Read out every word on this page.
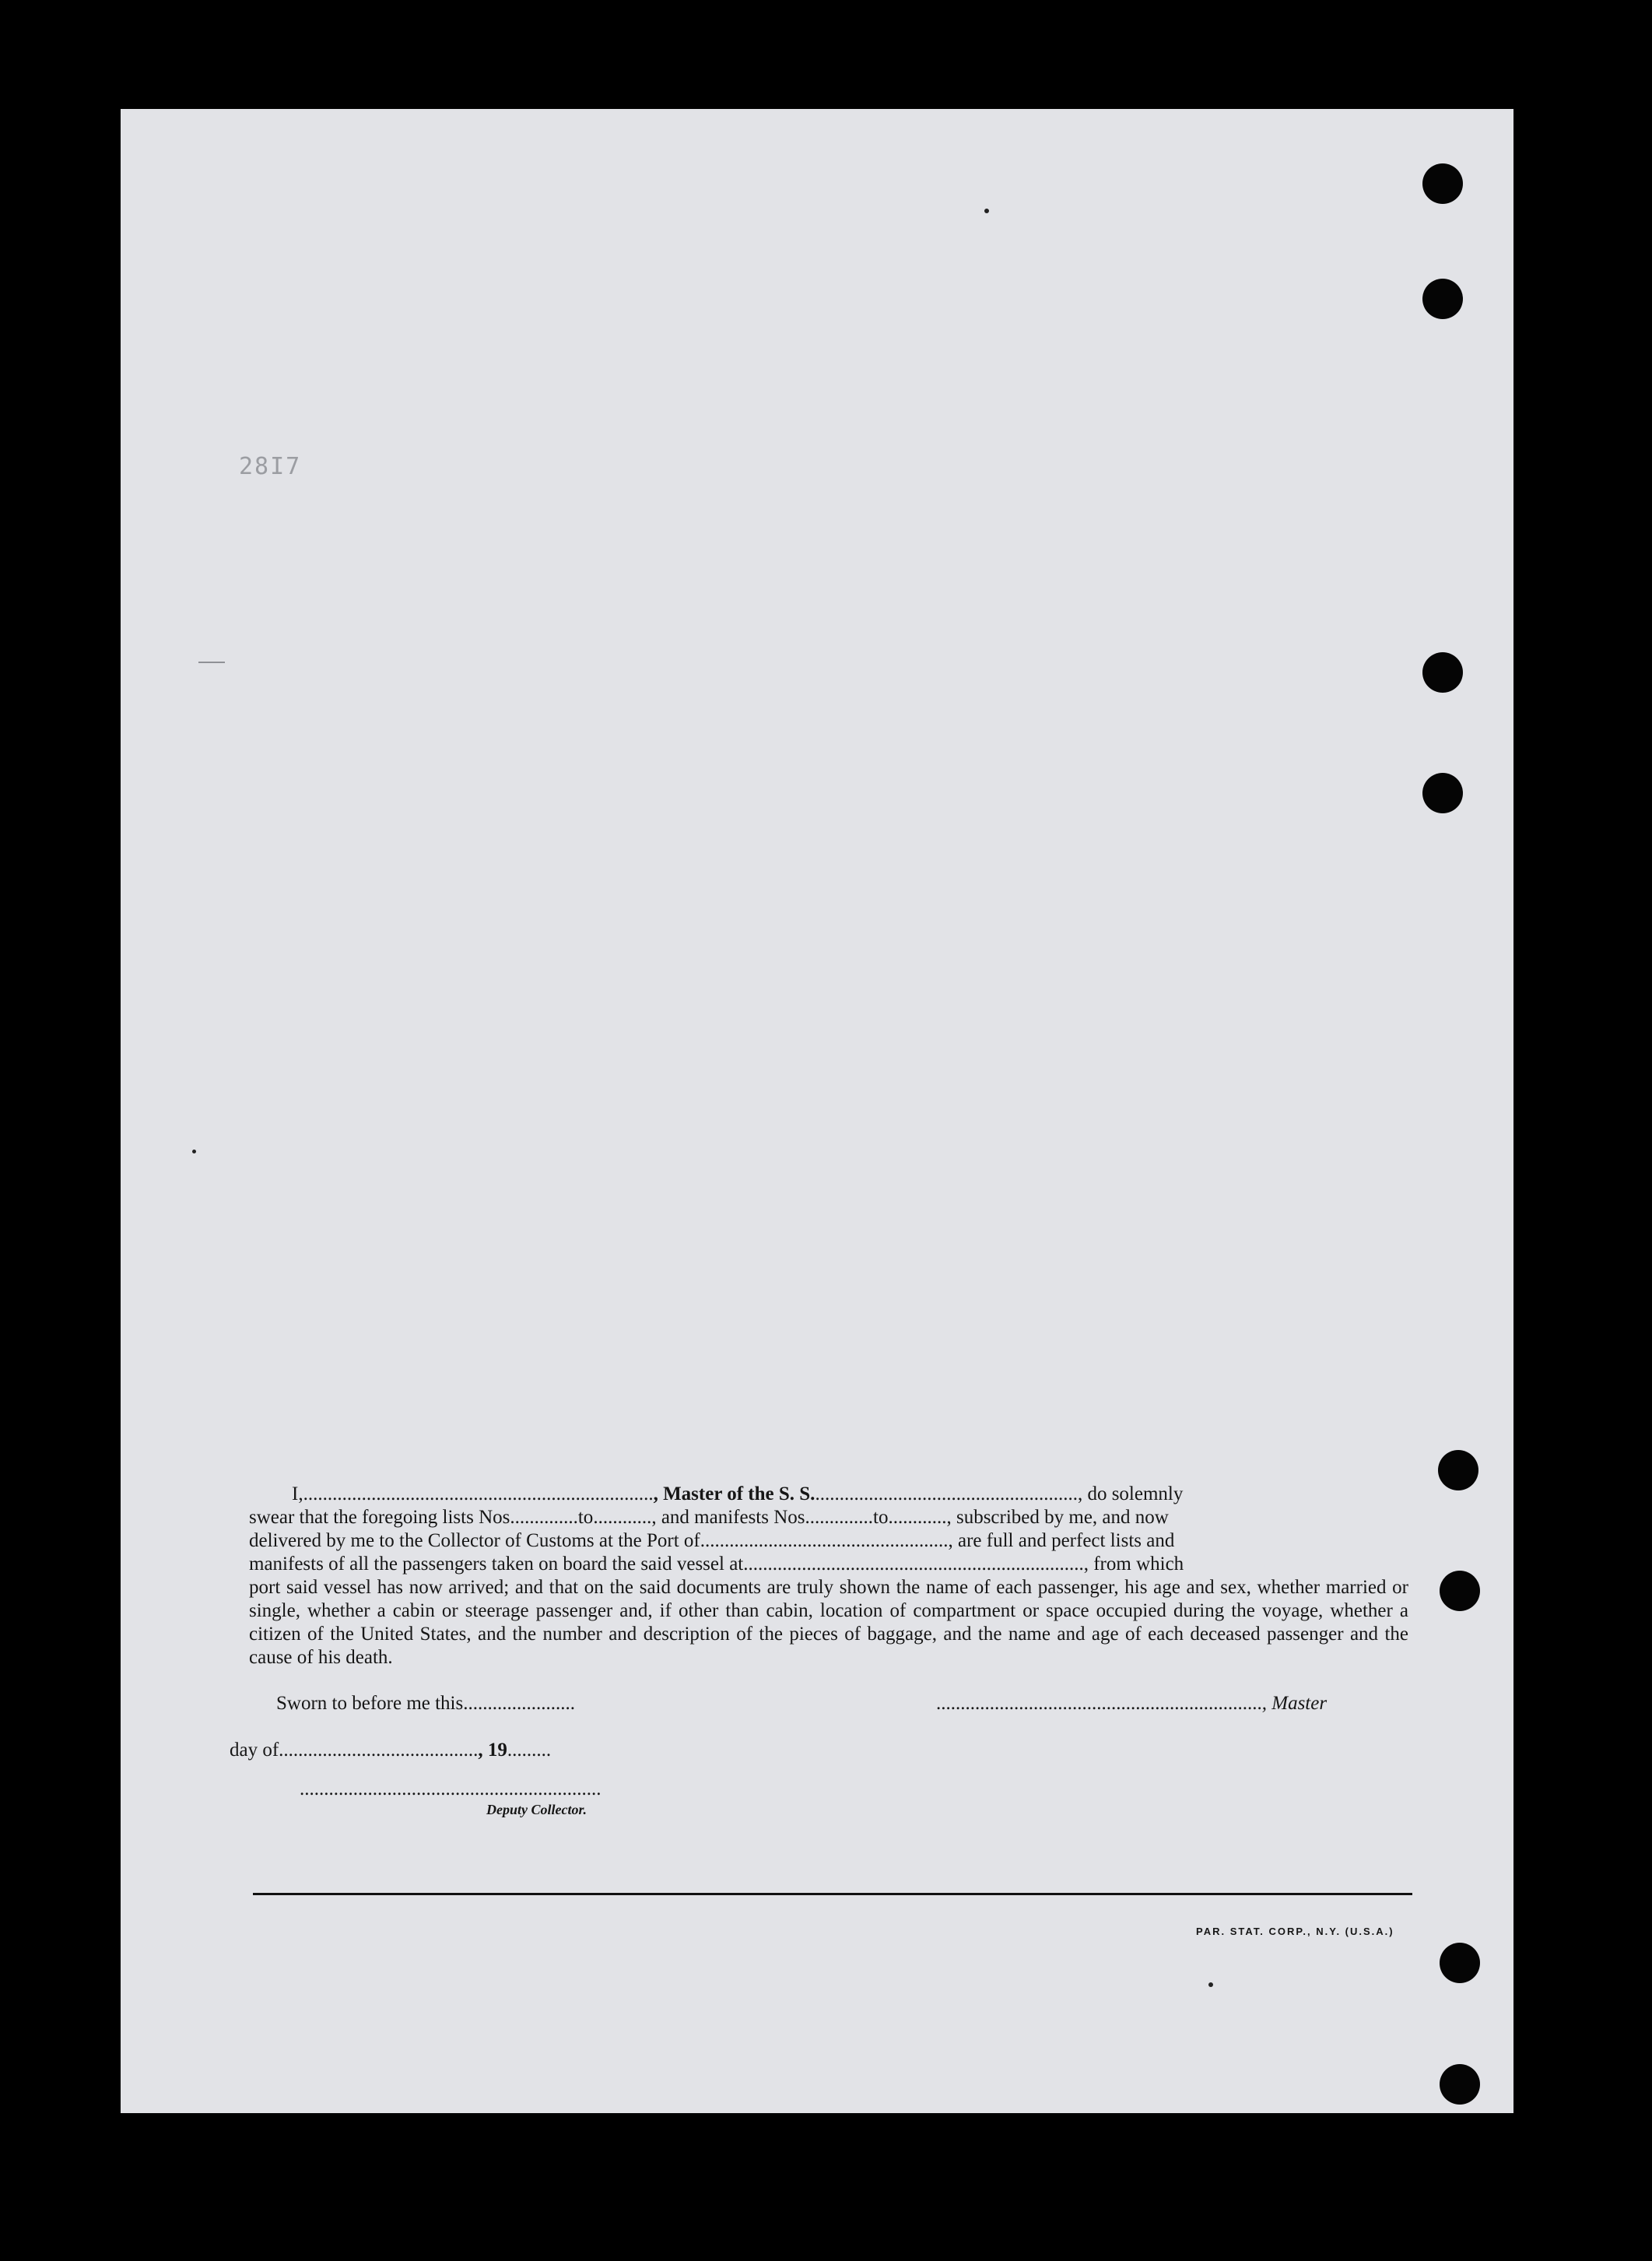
28I7

I,........................................................................, Master of the S. S......................................................., do solemnly

swear that the foregoing lists Nos..............to............, and manifests Nos..............to............, subscribed by me, and now

delivered by me to the Collector of Customs at the Port of..................................................., are full and perfect lists and

manifests of all the passengers taken on board the said vessel at......................................................................, from which

port said vessel has now arrived; and that on the said documents are truly shown the name of each passenger, his age and sex, whether married or single, whether a cabin or steerage passenger and, if other than cabin, location of compartment or space occupied during the voyage, whether a citizen of the United States, and the number and description of the pieces of baggage, and the name and age of each deceased passenger and the cause of his death.

Sworn to before me this.......................	..................................................................., Master
day of........................................., 19.........
..............................................................
Deputy Collector.
PAR. STAT. CORP., N.Y. (U.S.A.)
